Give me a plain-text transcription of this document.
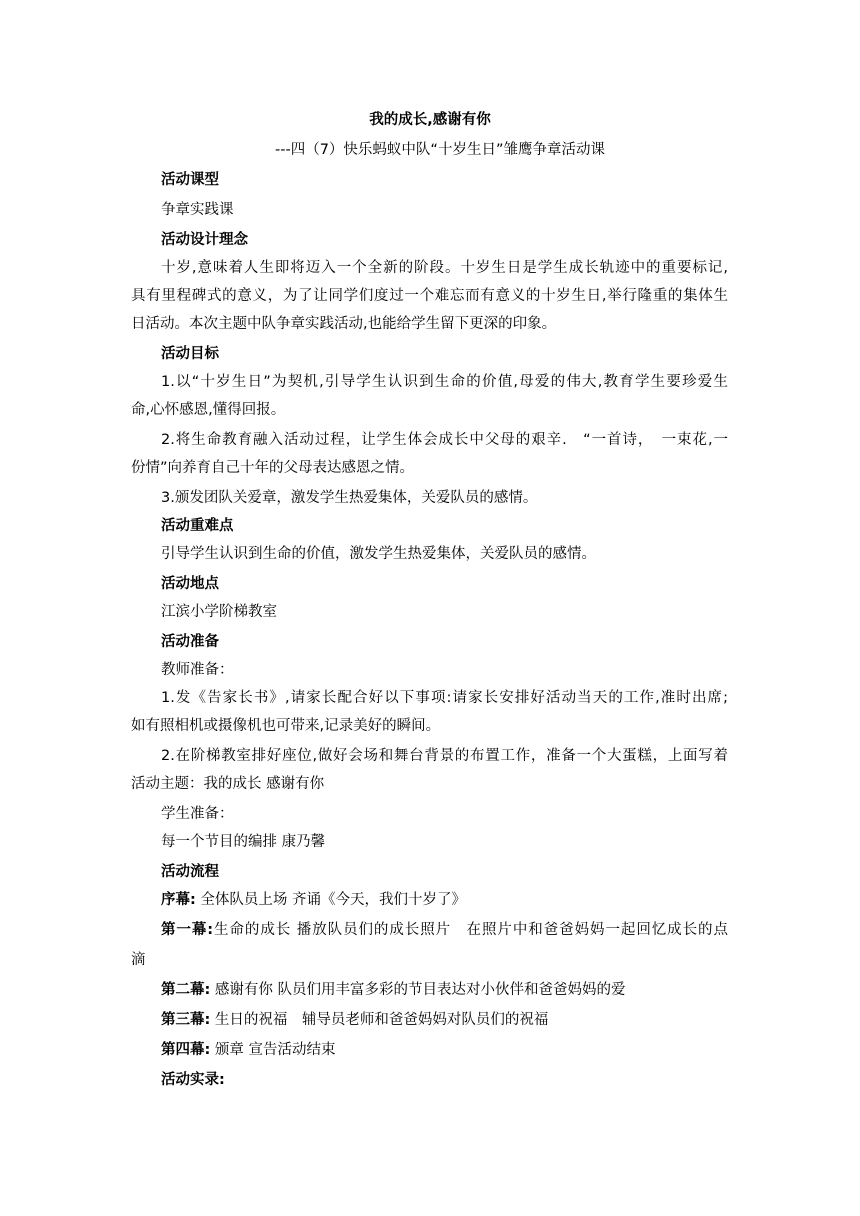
我的成长,感谢有你
---四（7）快乐蚂蚁中队“十岁生日”雏鹰争章活动课
活动课型
争章实践课
活动设计理念
十岁,意味着人生即将迈入一个全新的阶段。十岁生日是学生成长轨迹中的重要标记,
具有里程碑式的意义，为了让同学们度过一个难忘而有意义的十岁生日,举行隆重的集体生
日活动。本次主题中队争章实践活动,也能给学生留下更深的印象。
活动目标
1.以“十岁生日”为契机,引导学生认识到生命的价值,母爱的伟大,教育学生要珍爱生
命,心怀感恩,懂得回报。
2.将生命教育融入活动过程，让学生体会成长中父母的艰辛.　“一首诗，　一束花,一
份情”向养育自己十年的父母表达感恩之情。
3.颁发团队关爱章，激发学生热爱集体，关爱队员的感情。
活动重难点
引导学生认识到生命的价值，激发学生热爱集体，关爱队员的感情。
活动地点
江滨小学阶梯教室
活动准备
教师准备：
1.发《告家长书》,请家长配合好以下事项:请家长安排好活动当天的工作,准时出席;
如有照相机或摄像机也可带来,记录美好的瞬间。
2.在阶梯教室排好座位,做好会场和舞台背景的布置工作，准备一个大蛋糕，上面写着
活动主题：我的成长 感谢有你
学生准备：
每一个节目的编排 康乃馨
活动流程
序幕: 全体队员上场 齐诵《今天，我们十岁了》
第一幕:生命的成长 播放队员们的成长照片　在照片中和爸爸妈妈一起回忆成长的点
滴
第二幕: 感谢有你 队员们用丰富多彩的节目表达对小伙伴和爸爸妈妈的爱
第三幕: 生日的祝福　辅导员老师和爸爸妈妈对队员们的祝福
第四幕: 颁章 宣告活动结束
活动实录:
